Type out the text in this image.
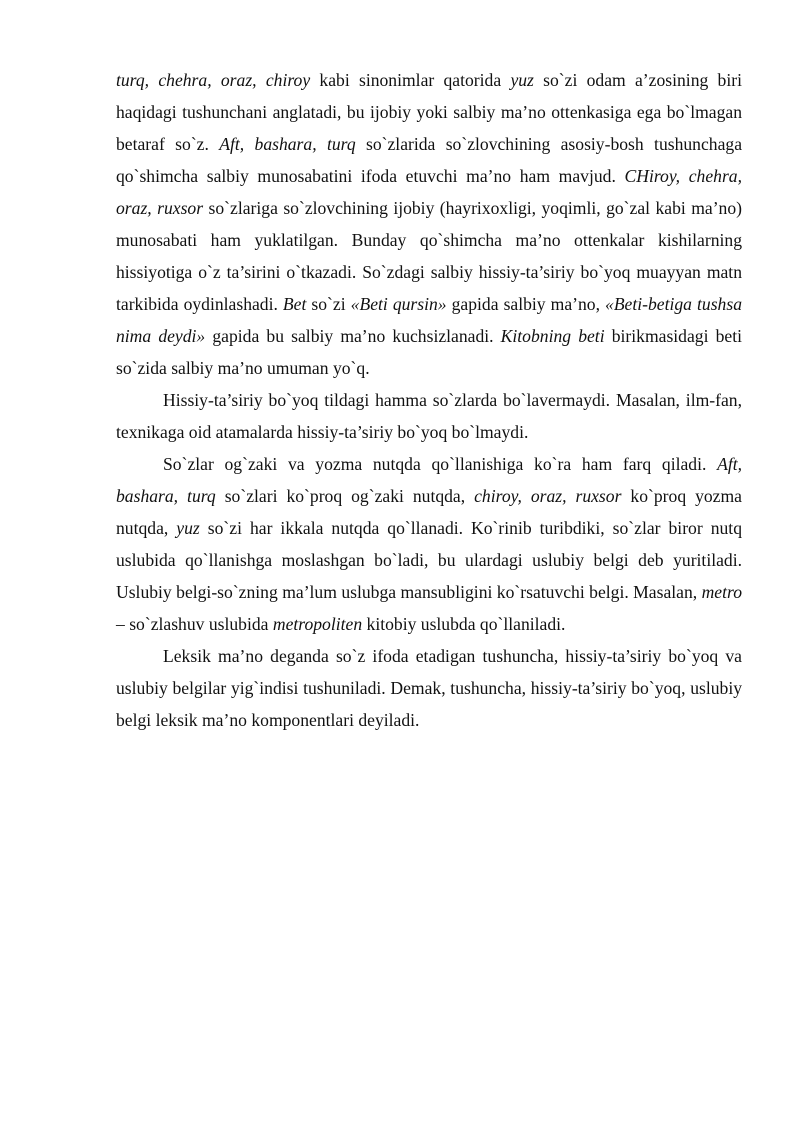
turq, chehra, oraz, chiroy kabi sinonimlar qatorida yuz so`zi odam a’zosining biri haqidagi tushunchani anglatadi, bu ijobiy yoki salbiy ma’no ottenkasiga ega bo`lmagan betaraf so`z. Aft, bashara, turq so`zlarida so`zlovchining asosiy-bosh tushunchaga qo`shimcha salbiy munosabatini ifoda etuvchi ma’no ham mavjud. CHiroy, chehra, oraz, ruxsor so`zlariga so`zlovchining ijobiy (hayrixoxligi, yoqimli, go`zal kabi ma’no) munosabati ham yuklatilgan. Bunday qo`shimcha ma’no ottenkalar kishilarning hissiyotiga o`z ta’sirini o`tkazadi. So`zdagi salbiy hissiy-ta’siriy bo`yoq muayyan matn tarkibida oydinlashadi. Bet so`zi «Beti qursin» gapida salbiy ma’no, «Beti-betiga tushsa nima deydi» gapida bu salbiy ma’no kuchsizlanadi. Kitobning beti birikmasidagi beti so`zida salbiy ma’no umuman yo`q.

Hissiy-ta’siriy bo`yoq tildagi hamma so`zlarda bo`lavermaydi. Masalan, ilm-fan, texnikaga oid atamalarda hissiy-ta’siriy bo`yoq bo`lmaydi.

So`zlar og`zaki va yozma nutqda qo`llanishiga ko`ra ham farq qiladi. Aft, bashara, turq so`zlari ko`proq og`zaki nutqda, chiroy, oraz, ruxsor ko`proq yozma nutqda, yuz so`zi har ikkala nutqda qo`llanadi. Ko`rinib turibdiki, so`zlar biror nutq uslubida qo`llanishga moslashgan bo`ladi, bu ulardagi uslubiy belgi deb yuritiladi. Uslubiy belgi-so`zning ma’lum uslubga mansubligini ko`rsatuvchi belgi. Masalan, metro – so`zlashuv uslubida metropoliten kitobiy uslubda qo`llaniladi.

Leksik ma’no deganda so`z ifoda etadigan tushuncha, hissiy-ta’siriy bo`yoq va uslubiy belgilar yig`indisi tushuniladi. Demak, tushuncha, hissiy-ta’siriy bo`yoq, uslubiy belgi leksik ma’no komponentlari deyiladi.
